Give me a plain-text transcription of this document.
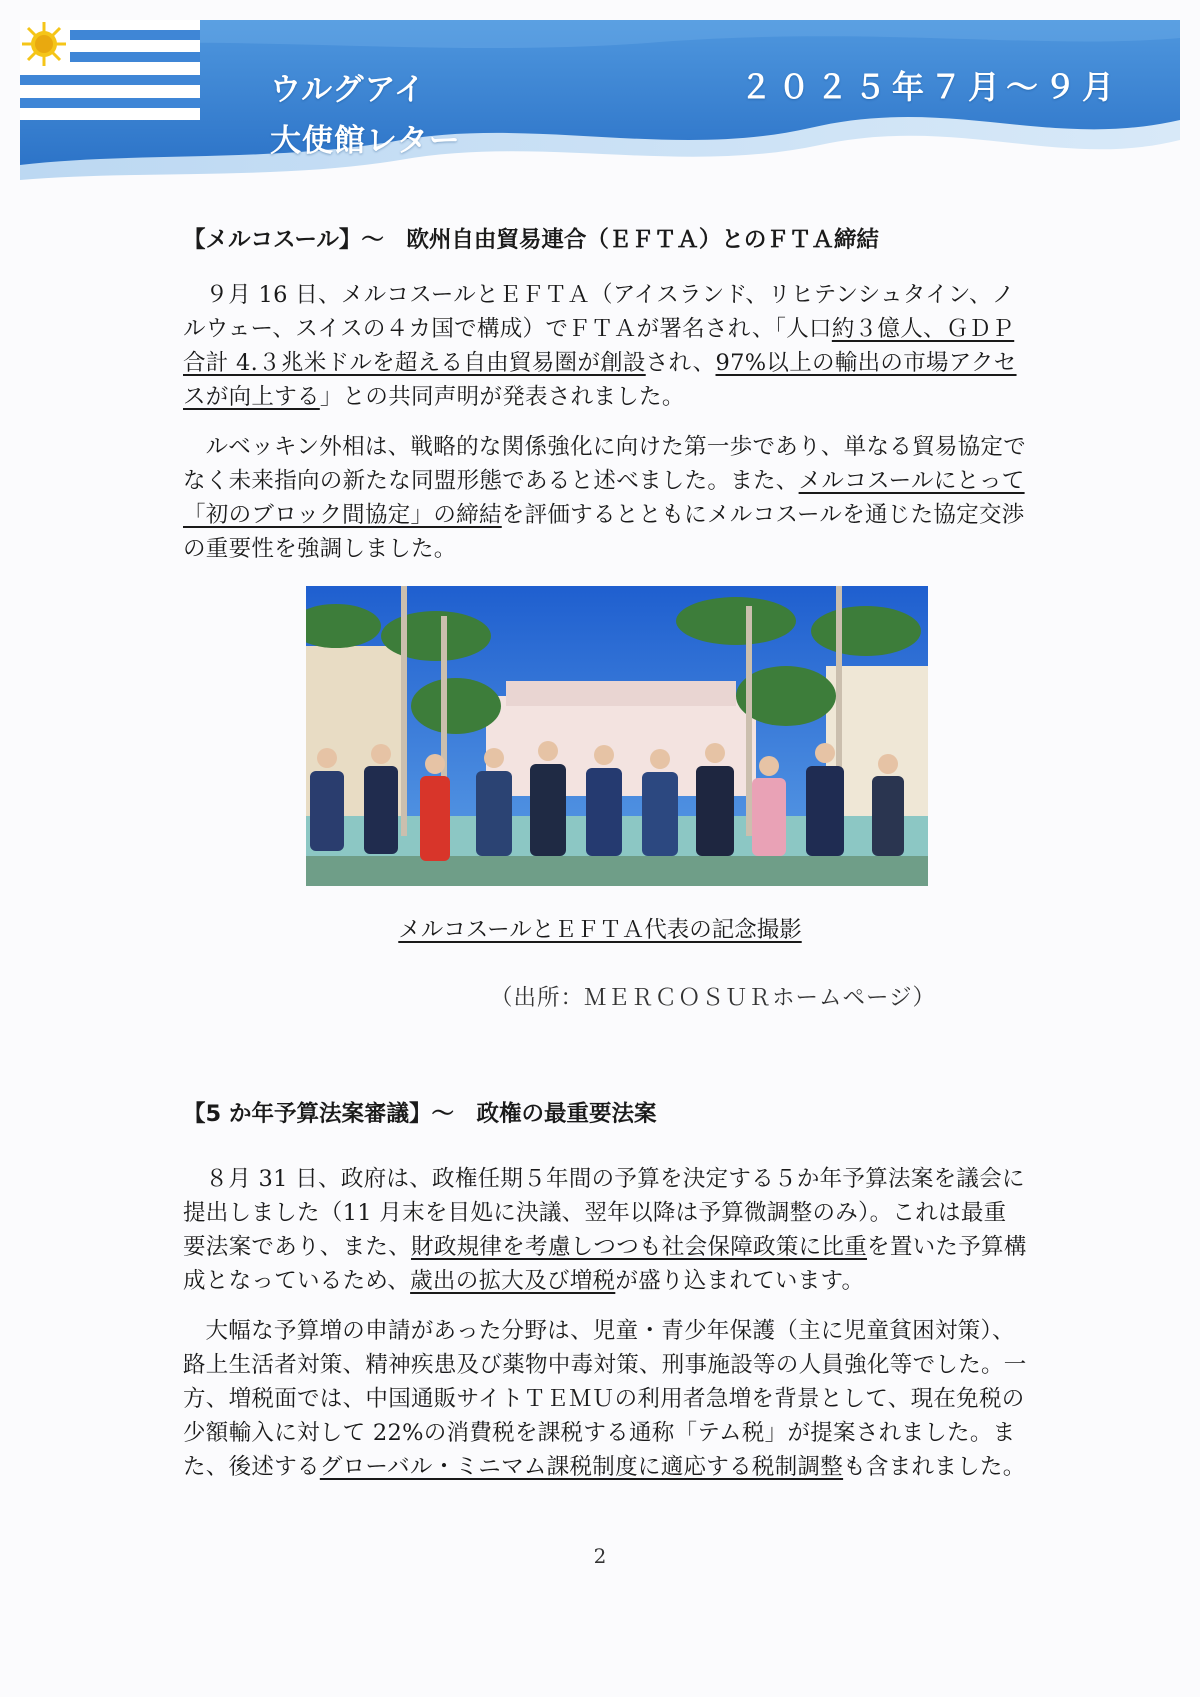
ウルグアイ
大使館レター
２０２５年７月～９月
【メルコスール】～　欧州自由貿易連合（ＥＦＴＡ）とのＦＴＡ締結

９月 16 日、メルコスールとＥＦＴＡ（アイスランド、リヒテンシュタイン、ノルウェー、スイスの４カ国で構成）でＦＴＡが署名され、「人口約３億人、ＧＤＰ合計 4.３兆米ドルを超える自由貿易圏が創設され、97%以上の輸出の市場アクセスが向上する」との共同声明が発表されました。

ルベッキン外相は、戦略的な関係強化に向けた第一歩であり、単なる貿易協定でなく未来指向の新たな同盟形態であると述べました。また、メルコスールにとって「初のブロック間協定」の締結を評価するとともにメルコスールを通じた協定交渉の重要性を強調しました。

メルコスールとＥＦＴＡ代表の記念撮影
（出所：ＭＥＲＣＯＳＵＲホームページ）
【5 か年予算法案審議】～　政権の最重要法案

８月 31 日、政府は、政権任期５年間の予算を決定する５か年予算法案を議会に提出しました（11 月末を目処に決議、翌年以降は予算微調整のみ）。これは最重要法案であり、また、財政規律を考慮しつつも社会保障政策に比重を置いた予算構成となっているため、歳出の拡大及び増税が盛り込まれています。

大幅な予算増の申請があった分野は、児童・青少年保護（主に児童貧困対策）、路上生活者対策、精神疾患及び薬物中毒対策、刑事施設等の人員強化等でした。一方、増税面では、中国通販サイトＴＥＭＵの利用者急増を背景として、現在免税の少額輸入に対して 22%の消費税を課税する通称「テム税」が提案されました。また、後述するグローバル・ミニマム課税制度に適応する税制調整も含まれました。

2
